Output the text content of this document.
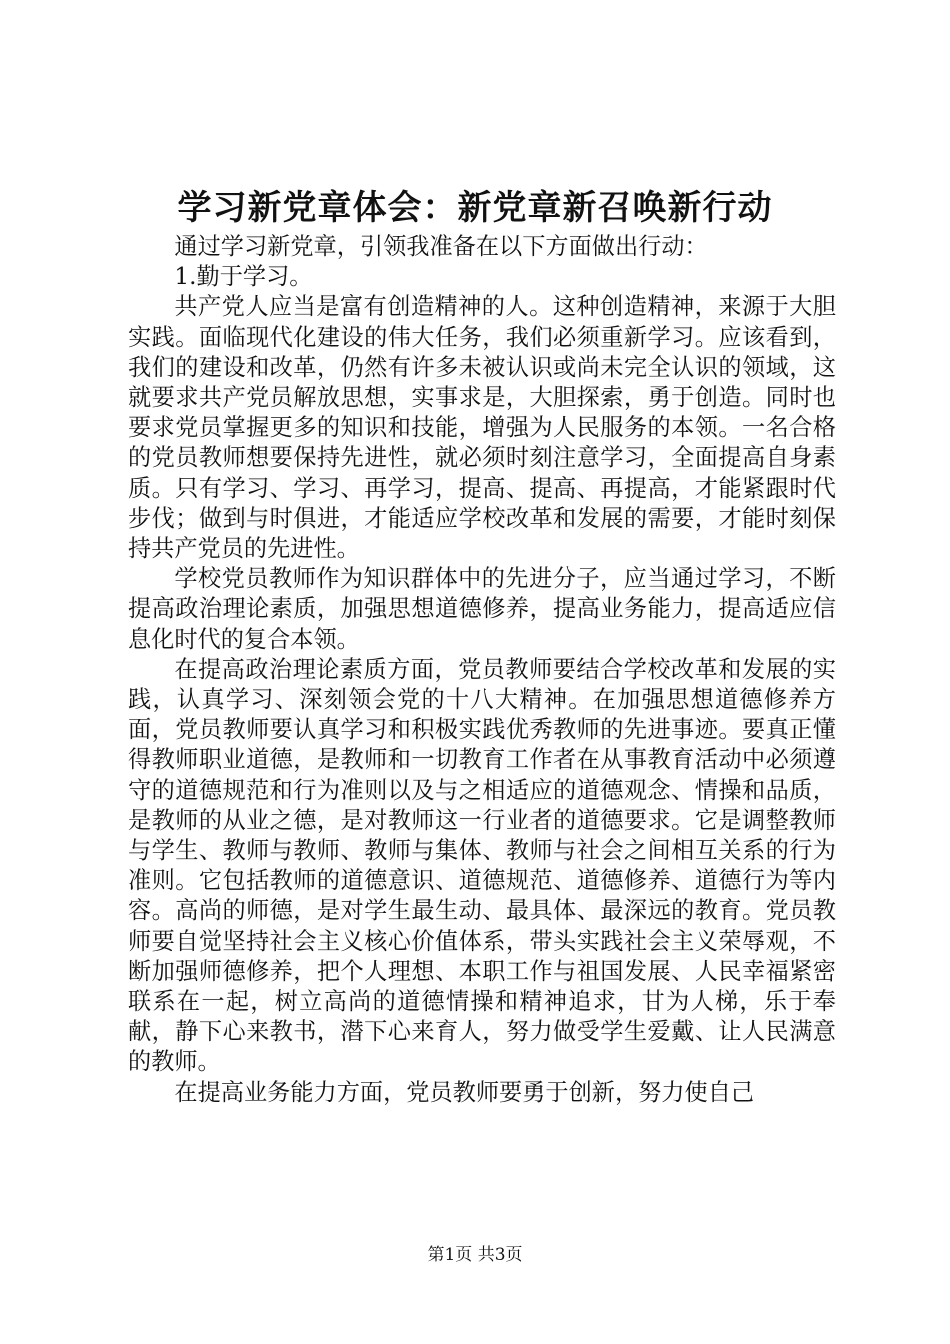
学习新党章体会：新党章新召唤新行动

通过学习新党章，引领我准备在以下方面做出行动：

1.勤于学习。

共产党人应当是富有创造精神的人。这种创造精神，来源于大胆实践。面临现代化建设的伟大任务，我们必须重新学习。应该看到，我们的建设和改革，仍然有许多未被认识或尚未完全认识的领域，这就要求共产党员解放思想，实事求是，大胆探索，勇于创造。同时也要求党员掌握更多的知识和技能，增强为人民服务的本领。一名合格的党员教师想要保持先进性，就必须时刻注意学习，全面提高自身素质。只有学习、学习、再学习，提高、提高、再提高，才能紧跟时代步伐；做到与时俱进，才能适应学校改革和发展的需要，才能时刻保持共产党员的先进性。

学校党员教师作为知识群体中的先进分子，应当通过学习，不断提高政治理论素质，加强思想道德修养，提高业务能力，提高适应信息化时代的复合本领。

在提高政治理论素质方面，党员教师要结合学校改革和发展的实践，认真学习、深刻领会党的十八大精神。在加强思想道德修养方面，党员教师要认真学习和积极实践优秀教师的先进事迹。要真正懂得教师职业道德，是教师和一切教育工作者在从事教育活动中必须遵守的道德规范和行为准则以及与之相适应的道德观念、情操和品质，是教师的从业之德，是对教师这一行业者的道德要求。它是调整教师与学生、教师与教师、教师与集体、教师与社会之间相互关系的行为准则。它包括教师的道德意识、道德规范、道德修养、道德行为等内容。高尚的师德，是对学生最生动、最具体、最深远的教育。党员教师要自觉坚持社会主义核心价值体系，带头实践社会主义荣辱观，不断加强师德修养，把个人理想、本职工作与祖国发展、人民幸福紧密联系在一起，树立高尚的道德情操和精神追求，甘为人梯，乐于奉献，静下心来教书，潜下心来育人，努力做受学生爱戴、让人民满意的教师。

在提高业务能力方面，党员教师要勇于创新，努力使自己

第1页 共3页
